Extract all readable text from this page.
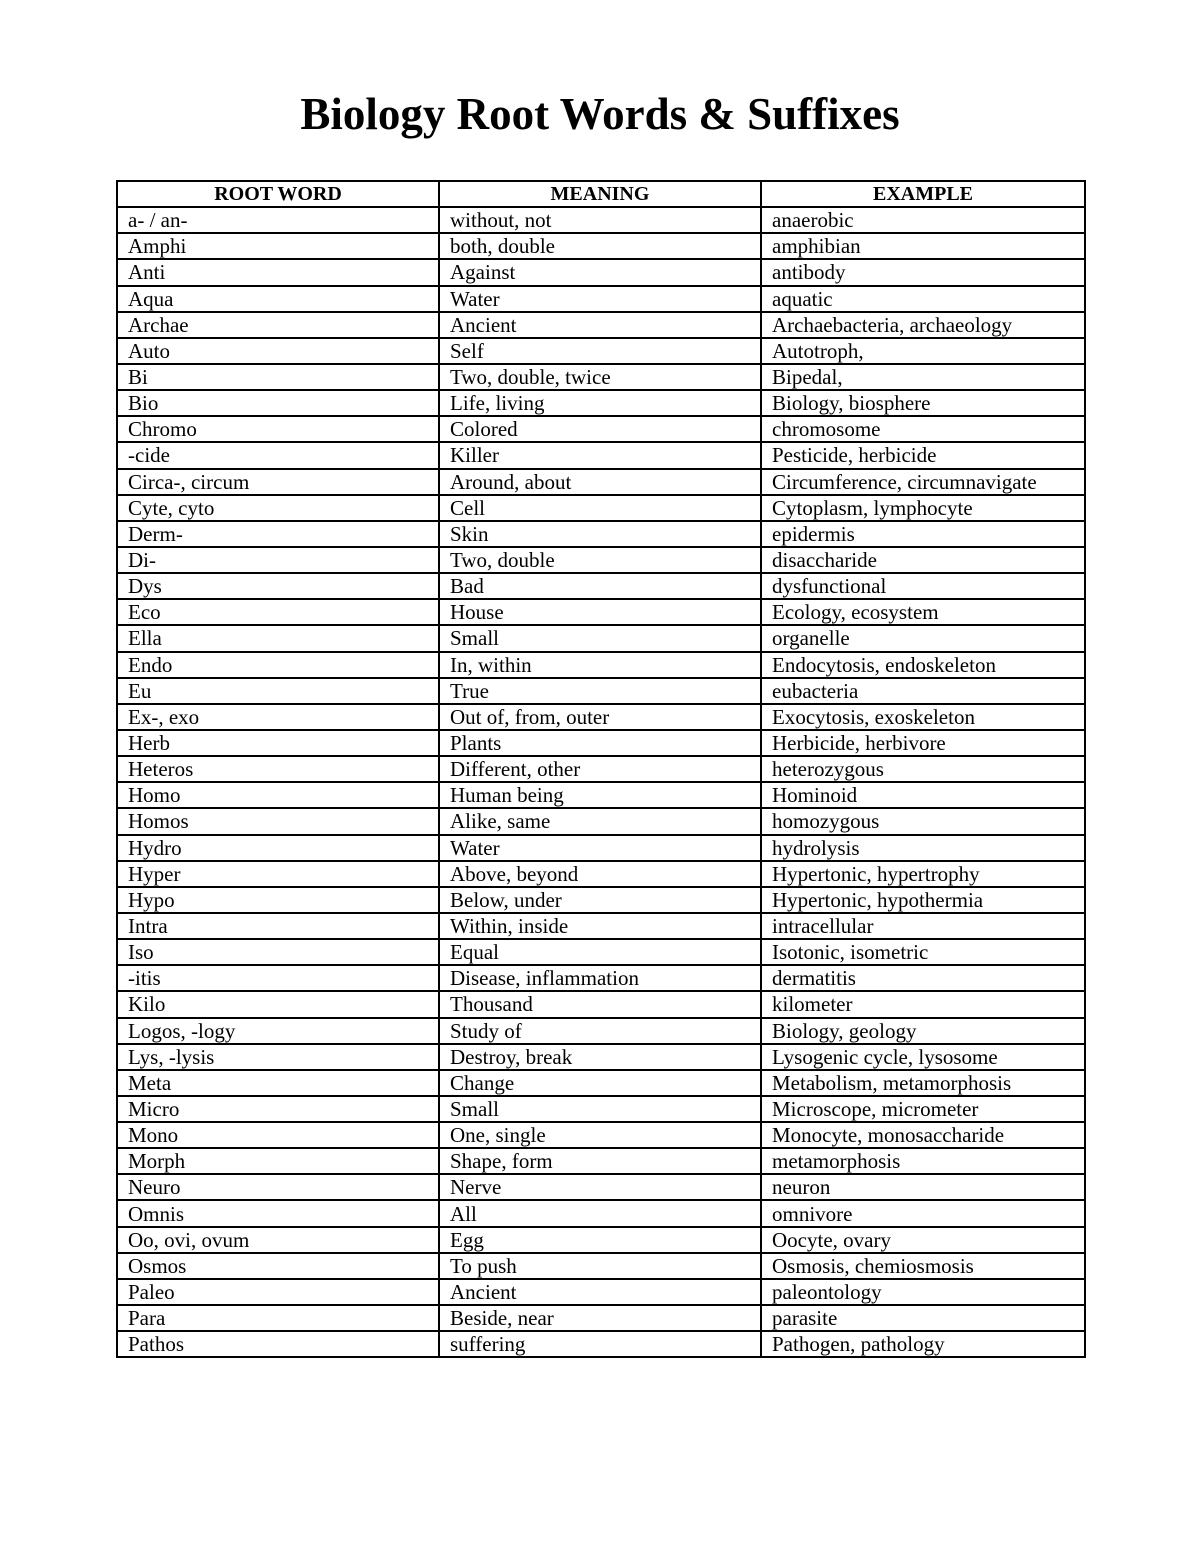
Biology Root Words & Suffixes
ROOT WORD	MEANING	EXAMPLE
a- / an-	without, not	anaerobic
Amphi	both, double	amphibian
Anti	Against	antibody
Aqua	Water	aquatic
Archae	Ancient	Archaebacteria, archaeology
Auto	Self	Autotroph,
Bi	Two, double, twice	Bipedal,
Bio	Life, living	Biology, biosphere
Chromo	Colored	chromosome
-cide	Killer	Pesticide, herbicide
Circa-, circum	Around, about	Circumference, circumnavigate
Cyte, cyto	Cell	Cytoplasm, lymphocyte
Derm-	Skin	epidermis
Di-	Two, double	disaccharide
Dys	Bad	dysfunctional
Eco	House	Ecology, ecosystem
Ella	Small	organelle
Endo	In, within	Endocytosis, endoskeleton
Eu	True	eubacteria
Ex-, exo	Out of, from, outer	Exocytosis, exoskeleton
Herb	Plants	Herbicide, herbivore
Heteros	Different, other	heterozygous
Homo	Human being	Hominoid
Homos	Alike, same	homozygous
Hydro	Water	hydrolysis
Hyper	Above, beyond	Hypertonic, hypertrophy
Hypo	Below, under	Hypertonic, hypothermia
Intra	Within, inside	intracellular
Iso	Equal	Isotonic, isometric
-itis	Disease, inflammation	dermatitis
Kilo	Thousand	kilometer
Logos, -logy	Study of	Biology, geology
Lys, -lysis	Destroy, break	Lysogenic cycle, lysosome
Meta	Change	Metabolism, metamorphosis
Micro	Small	Microscope, micrometer
Mono	One, single	Monocyte, monosaccharide
Morph	Shape, form	metamorphosis
Neuro	Nerve	neuron
Omnis	All	omnivore
Oo, ovi, ovum	Egg	Oocyte, ovary
Osmos	To push	Osmosis, chemiosmosis
Paleo	Ancient	paleontology
Para	Beside, near	parasite
Pathos	suffering	Pathogen, pathology
